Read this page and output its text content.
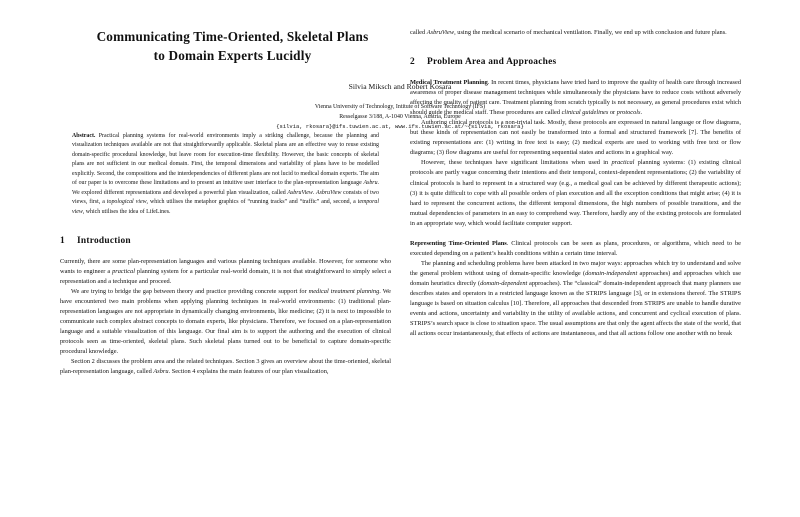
Communicating Time-Oriented, Skeletal Plans
to Domain Experts Lucidly
Silvia Miksch and Robert Kosara
Vienna University of Technology, Intitute of Software Technology (IFS)
Resselgasse 3/188, A-1040 Vienna, Austria, Europe
{silvia, rkosara}@ifs.tuwien.ac.at, www.ifs.tuwien.ac.at/~{silvia, rkosara}
Abstract. Practical planning systems for real-world environments imply a striking challenge, because the planning and visualization techniques available are not that straightforwardly applicable. Skeletal plans are an effective way to reuse existing domain-specific procedural knowledge, but leave room for execution-time flexibility. However, the basic concepts of skeletal plans are not sufficient in our medical domain. First, the temporal dimensions and variability of plans have to be modelled explicitly. Second, the compositions and the interdependencies of different plans are not lucid to medical domain experts. The aim of our paper is to overcome these limitations and to present an intuitive user interface to the plan-representation language Asbru. We explored different representations and developed a powerful plan visualization, called AsbruView. AsbruView consists of two views, first, a topological view, which utilises the metaphor graphics of “running tracks” and “traffic” and, second, a temporal view, which utilises the idea of LifeLines.
1 Introduction

Currently, there are some plan-representation languages and various planning techniques available. However, for someone who wants to engineer a practical planning system for a particular real-world domain, it is not that straightforward to simply select a representation and a technique and proceed.

We are trying to bridge the gap between theory and practice providing concrete support for medical treatment planning. We have encountered two main problems when applying planning techniques in real-world environments: (1) traditional plan-representation languages are not appropriate in dynamically changing environments, like medicine; (2) it is next to impossible to communicate such complex abstract concepts to domain experts, like physicians. Therefore, we focused on a plan-representation language and a suitable visualization of this language. Our final aim is to support the authoring and the execution of clinical protocols seen as time-oriented, skeletal plans. Such skeletal plans turned out to be beneficial to capture domain-specific procedural knowledge.

Section 2 discusses the problem area and the related techniques. Section 3 gives an overview about the time-oriented, skeletal plan-representation language, called Asbru. Section 4 explains the main features of our plan visualization,

called AsbruView, using the medical scenario of mechanical ventilation. Finally, we end up with conclusion and future plans.

2 Problem Area and Approaches

Medical Treatment Planning. In recent times, physicians have tried hard to improve the quality of health care through increased awareness of proper disease management techniques while simultaneously the physicians have to reduce costs without adversely affecting the quality of patient care. Treatment planning from scratch typically is not necessary, as general procedures exist which should guide the medical staff. These procedures are called clinical guidelines or protocols.

Authoring clinical protocols is a non-trivial task. Mostly, these protocols are expressed in natural language or flow diagrams, but these kinds of representation can not easily be transformed into a formal and structured framework [7]. The benefits of existing representations are: (1) writing in free text is easy; (2) medical experts are used to working with free text or flow diagrams; (3) flow diagrams are useful for representing sequential states and actions in a graphical way.

However, these techniques have significant limitations when used in practical planning systems: (1) existing clinical protocols are partly vague concerning their intentions and their temporal, context-dependent representations; (2) the variability of clinical protocols is hard to represent in a structured way (e.g., a medical goal can be achieved by different therapeutic actions); (3) it is quite difficult to cope with all possible orders of plan execution and all the exception conditions that might arise; (4) it is hard to represent the concurrent actions, the different temporal dimensions, the high numbers of possible transitions, and the mutual dependencies of parameters in an easy to comprehend way. Therefore, hardly any of the existing protocols are formulated in an appropriate way, which would facilitate computer support.

Representing Time-Oriented Plans. Clinical protocols can be seen as plans, procedures, or algorithms, which need to be executed depending on a patient’s health conditions within a certain time interval.

The planning and scheduling problems have been attacked in two major ways: approaches which try to understand and solve the general problem without using of domain-specific knowledge (domain-independent approaches) and approaches which use domain heuristics directly (domain-dependent approaches). The “classical” domain-independent approach that many planners use describes states and operators in a restricted language known as the STRIPS language [3], or in extensions thereof. The STRIPS language is based on situation calculus [10]. Therefore, all approaches that descended from STRIPS are unable to handle durative events and actions, uncertainty and variability in the utility of available actions, and concurrent and cyclical execution of plans. STRIPS’s search space is close to situation space. The usual assumptions are that only the agent affects the state of the world, that all actions occur instantaneously, that effects of actions are instantaneous, and that all actions follow one another with no break
